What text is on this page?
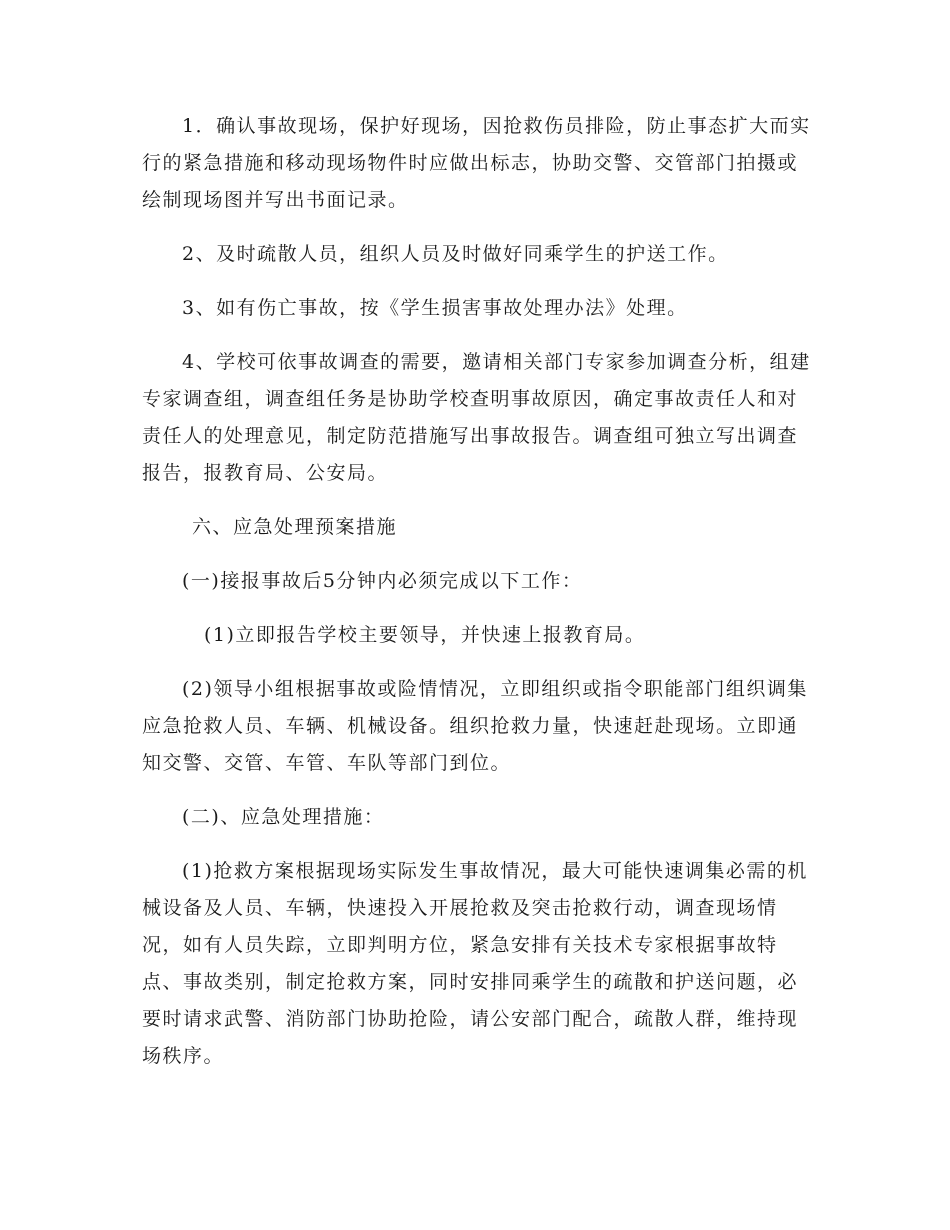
1．确认事故现场，保护好现场，因抢救伤员排险，防止事态扩大而实行的紧急措施和移动现场物件时应做出标志，协助交警、交管部门拍摄或绘制现场图并写出书面记录。

2、及时疏散人员，组织人员及时做好同乘学生的护送工作。

3、如有伤亡事故，按《学生损害事故处理办法》处理。

4、学校可依事故调查的需要，邀请相关部门专家参加调查分析，组建专家调查组，调查组任务是协助学校查明事故原因，确定事故责任人和对责任人的处理意见，制定防范措施写出事故报告。调查组可独立写出调查报告，报教育局、公安局。

六、应急处理预案措施

(一)接报事故后5分钟内必须完成以下工作：

(1)立即报告学校主要领导，并快速上报教育局。

(2)领导小组根据事故或险情情况，立即组织或指令职能部门组织调集应急抢救人员、车辆、机械设备。组织抢救力量，快速赶赴现场。立即通知交警、交管、车管、车队等部门到位。

(二)、应急处理措施：

(1)抢救方案根据现场实际发生事故情况，最大可能快速调集必需的机械设备及人员、车辆，快速投入开展抢救及突击抢救行动，调查现场情况，如有人员失踪，立即判明方位，紧急安排有关技术专家根据事故特点、事故类别，制定抢救方案，同时安排同乘学生的疏散和护送问题，必要时请求武警、消防部门协助抢险，请公安部门配合，疏散人群，维持现场秩序。
